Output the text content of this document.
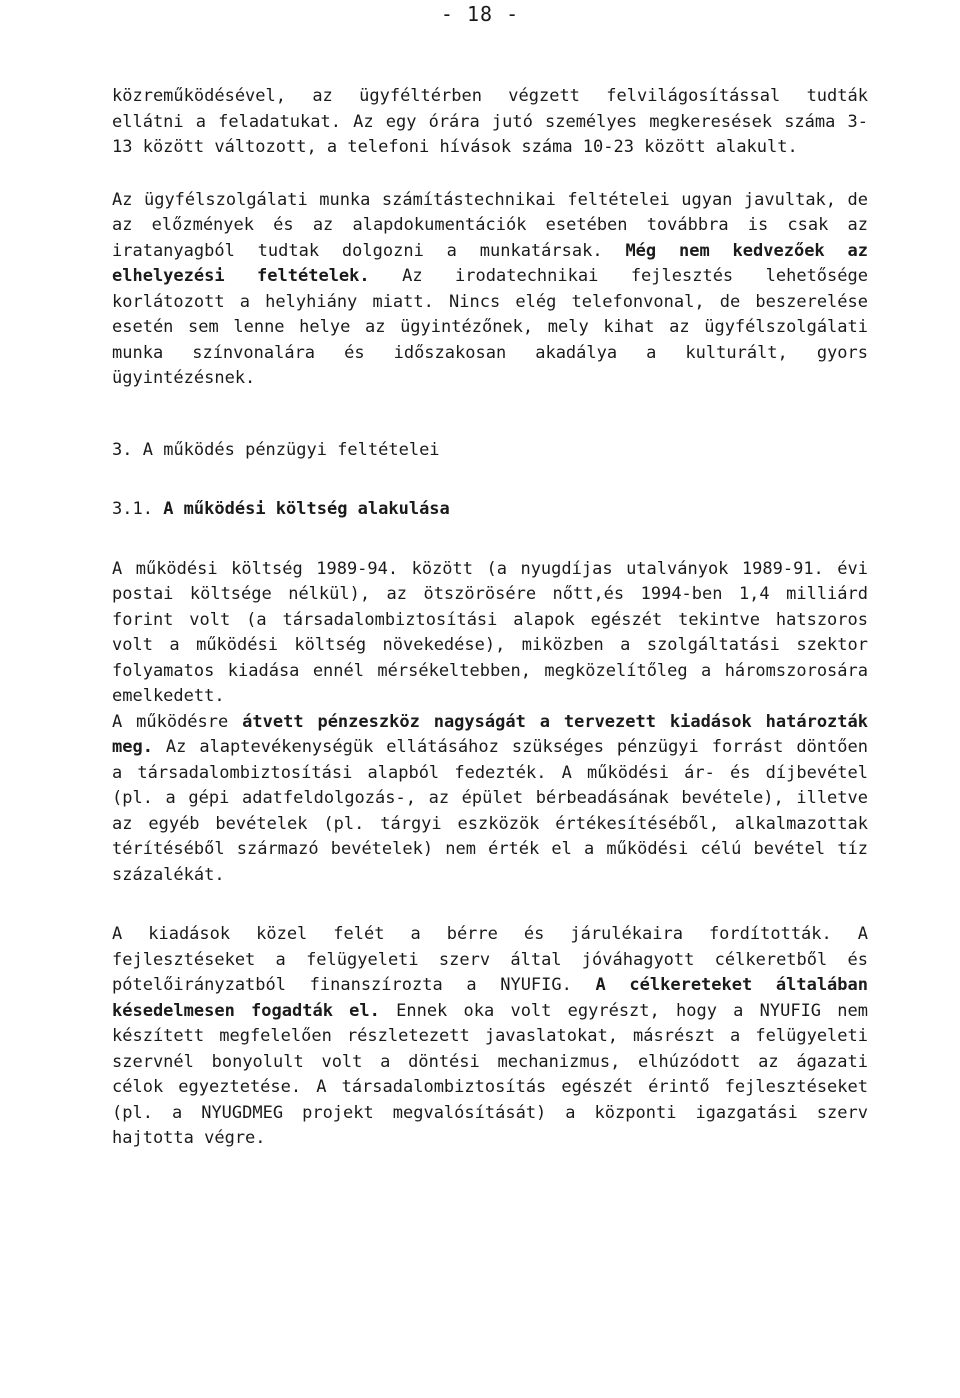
- 18 -

közreműködésével, az ügyféltérben végzett felvilágosítással tudták ellátni a feladatukat. Az egy órára jutó személyes megkeresések száma 3-13 között változott, a telefoni hívások száma 10-23 között alakult.

Az ügyfélszolgálati munka számítástechnikai feltételei ugyan javultak, de az előzmények és az alapdokumentációk esetében továbbra is csak az iratanyagból tudtak dolgozni a munkatársak. Még nem kedvezőek az elhelyezési feltételek. Az irodatechnikai fejlesztés lehetősége korlátozott a helyhiány miatt. Nincs elég telefonvonal, de beszerelése esetén sem lenne helye az ügyintézőnek, mely kihat az ügyfélszolgálati munka színvonalára és időszakosan akadálya a kulturált, gyors ügyintézésnek.

3. A működés pénzügyi feltételei

3.1. A működési költség alakulása

A működési költség 1989-94. között (a nyugdíjas utalványok 1989-91. évi postai költsége nélkül), az ötszörösére nőtt,és 1994-ben 1,4 milliárd forint volt (a társadalombiztosítási alapok egészét tekintve hatszoros volt a működési költség növekedése), miközben a szolgáltatási szektor folyamatos kiadása ennél mérsékeltebben, megközelítőleg a háromszorosára emelkedett.

A működésre átvett pénzeszköz nagyságát a tervezett kiadások határozták meg. Az alaptevékenységük ellátásához szükséges pénzügyi forrást döntően a társadalombiztosítási alapból fedezték. A működési ár- és díjbevétel (pl. a gépi adatfeldolgozás-, az épület bérbeadásának bevétele), illetve az egyéb bevételek (pl. tárgyi eszközök értékesítéséből, alkalmazottak térítéséből származó bevételek) nem érték el a működési célú bevétel tíz százalékát.

A kiadások közel felét a bérre és járulékaira fordították. A fejlesztéseket a felügyeleti szerv által jóváhagyott célkeretből és pótelőirányzatból finanszírozta a NYUFIG. A célkereteket általában késedelmesen fogadták el. Ennek oka volt egyrészt, hogy a NYUFIG nem készített megfelelően részletezett javaslatokat, másrészt a felügyeleti szervnél bonyolult volt a döntési mechanizmus, elhúzódott az ágazati célok egyeztetése. A társadalombiztosítás egészét érintő fejlesztéseket (pl. a NYUGDMEG projekt megvalósítását) a központi igazgatási szerv hajtotta végre.
